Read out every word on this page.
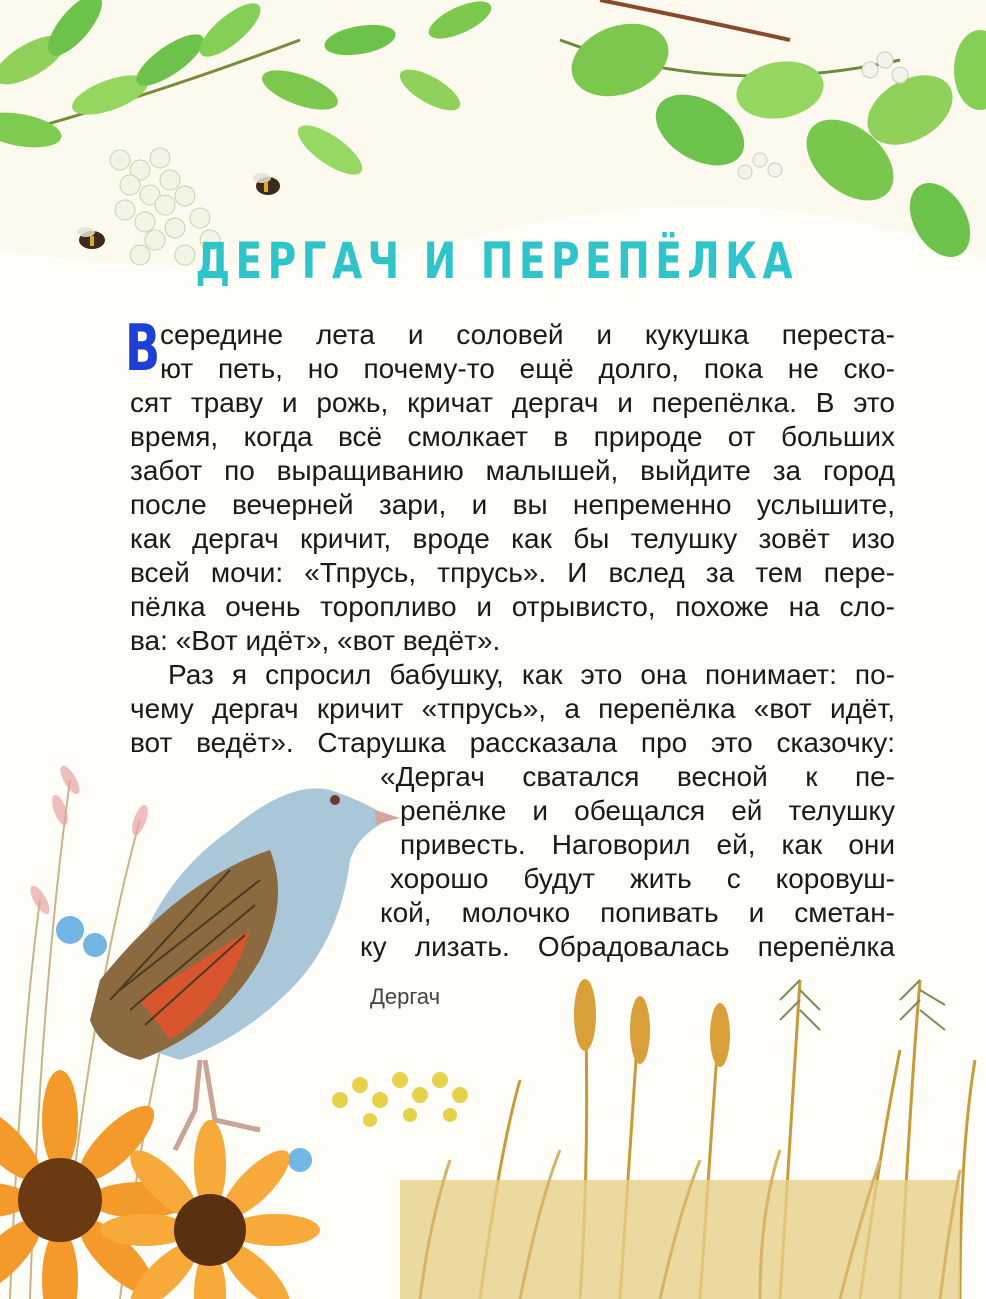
ДЕРГАЧ И ПЕРЕПЁЛКА
В середине лета и соловей и кукушка переста-
ют петь, но почему-то ещё долго, пока не ско-
сят траву и рожь, кричат дергач и перепёлка. В это
время, когда всё смолкает в природе от больших
забот по выращиванию малышей, выйдите за город
после вечерней зари, и вы непременно услышите,
как дергач кричит, вроде как бы телушку зовёт изо
всей мочи: «Тпрусь, тпрусь». И вслед за тем пере-
пёлка очень торопливо и отрывисто, похоже на сло-
ва: «Вот идёт», «вот ведёт».
Раз я спросил бабушку, как это она понимает: по-
чему дергач кричит «тпрусь», а перепёлка «вот идёт,
вот ведёт». Старушка рассказала про это сказочку:
«Дергач сватался весной к пе-
репёлке и обещался ей телушку
привесть. Наговорил ей, как они
хорошо будут жить с коровуш-
кой, молочко попивать и сметан-
ку лизать. Обрадовалась перепёлка
Дергач
